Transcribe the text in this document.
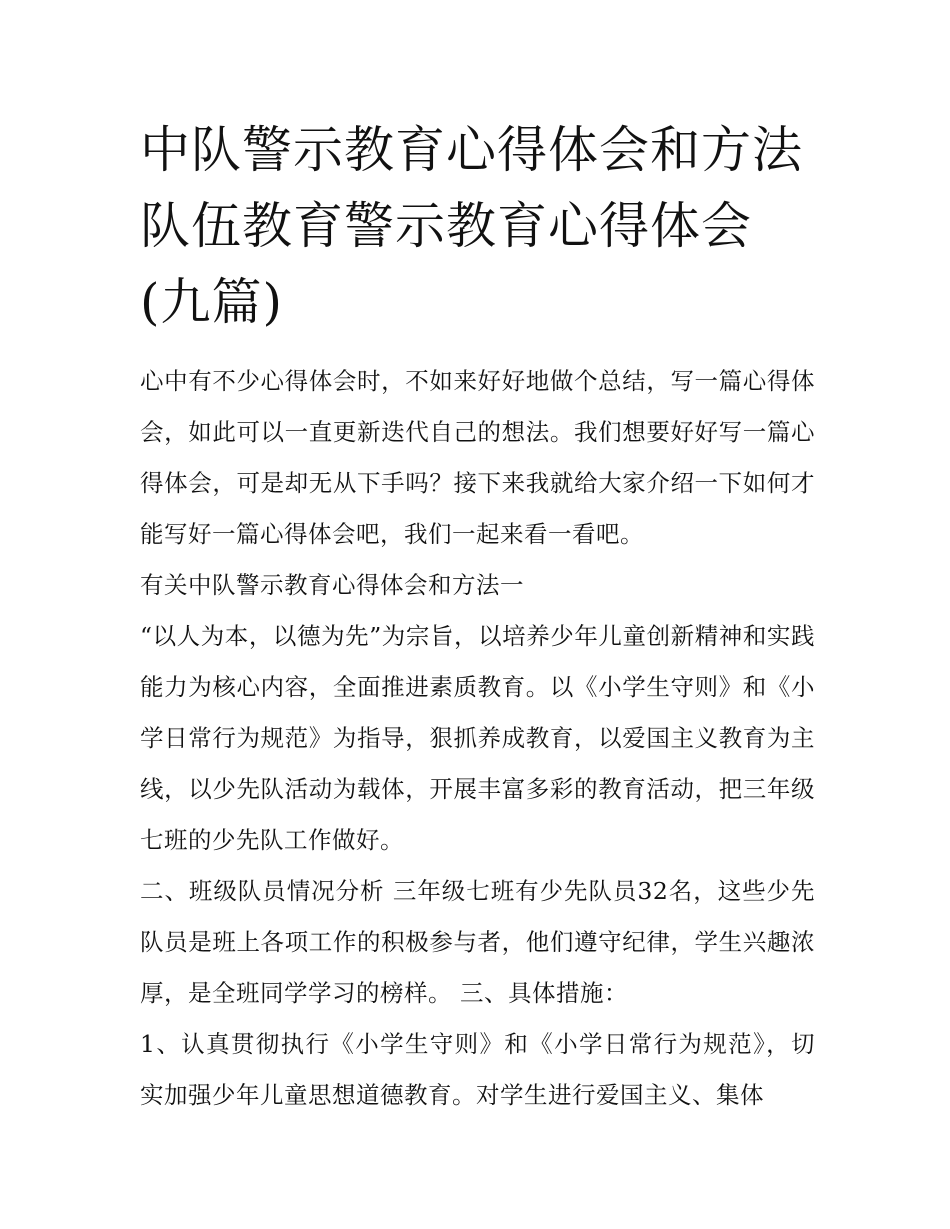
中队警示教育心得体会和方法 队伍教育警示教育心得体会(九篇)

心中有不少心得体会时，不如来好好地做个总结，写一篇心得体会，如此可以一直更新迭代自己的想法。我们想要好好写一篇心得体会，可是却无从下手吗？接下来我就给大家介绍一下如何才能写好一篇心得体会吧，我们一起来看一看吧。

有关中队警示教育心得体会和方法一

“以人为本，以德为先”为宗旨，以培养少年儿童创新精神和实践能力为核心内容，全面推进素质教育。以《小学生守则》和《小学日常行为规范》为指导，狠抓养成教育，以爱国主义教育为主线，以少先队活动为载体，开展丰富多彩的教育活动，把三年级七班的少先队工作做好。

二、班级队员情况分析 三年级七班有少先队员32名，这些少先队员是班上各项工作的积极参与者，他们遵守纪律，学生兴趣浓厚，是全班同学学习的榜样。 三、具体措施：

1、认真贯彻执行《小学生守则》和《小学日常行为规范》，切实加强少年儿童思想道德教育。对学生进行爱国主义、集体
